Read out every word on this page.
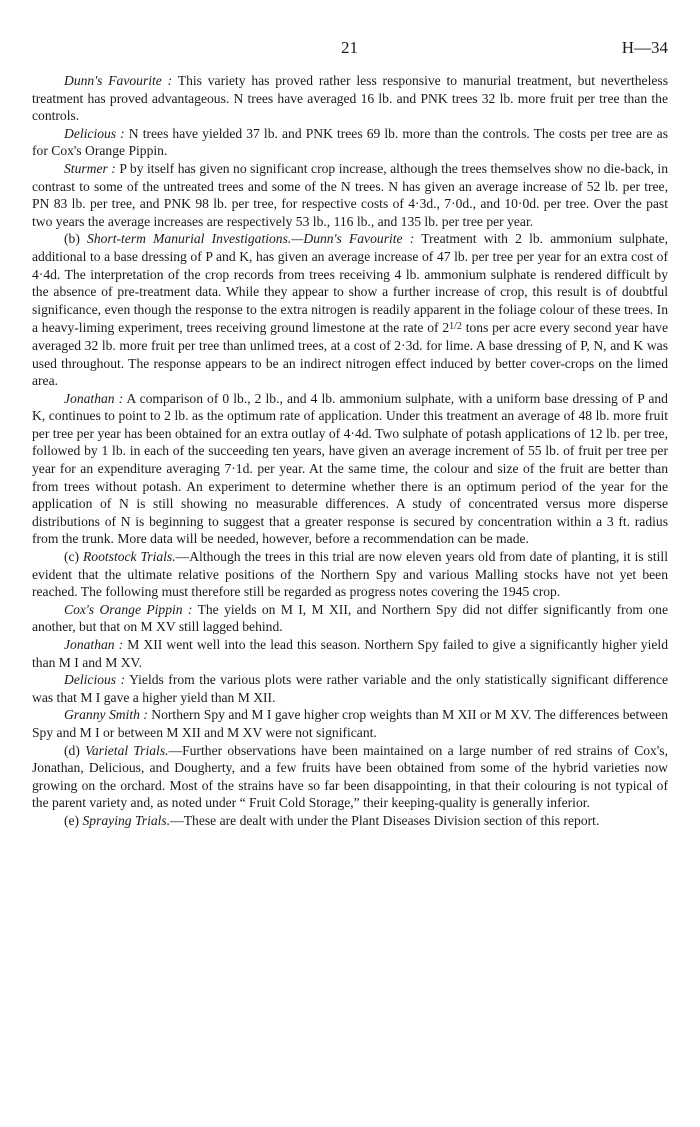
21	H—34

Dunn's Favourite : This variety has proved rather less responsive to manurial treatment, but nevertheless treatment has proved advantageous. N trees have averaged 16 lb. and PNK trees 32 lb. more fruit per tree than the controls.

Delicious : N trees have yielded 37 lb. and PNK trees 69 lb. more than the controls. The costs per tree are as for Cox's Orange Pippin.

Sturmer : P by itself has given no significant crop increase, although the trees themselves show no die-back, in contrast to some of the untreated trees and some of the N trees. N has given an average increase of 52 lb. per tree, PN 83 lb. per tree, and PNK 98 lb. per tree, for respective costs of 4·3d., 7·0d., and 10·0d. per tree. Over the past two years the average increases are respectively 53 lb., 116 lb., and 135 lb. per tree per year.

(b) Short-term Manurial Investigations.—Dunn's Favourite : Treatment with 2 lb. ammonium sulphate, additional to a base dressing of P and K, has given an average increase of 47 lb. per tree per year for an extra cost of 4·4d. The interpretation of the crop records from trees receiving 4 lb. ammonium sulphate is rendered difficult by the absence of pre-treatment data. While they appear to show a further increase of crop, this result is of doubtful significance, even though the response to the extra nitrogen is readily apparent in the foliage colour of these trees. In a heavy-liming experiment, trees receiving ground limestone at the rate of $2^{1/2}$ tons per acre every second year have averaged 32 lb. more fruit per tree than unlimed trees, at a cost of 2·3d. for lime. A base dressing of P, N, and K was used throughout. The response appears to be an indirect nitrogen effect induced by better cover-crops on the limed area.

Jonathan : A comparison of 0 lb., 2 lb., and 4 lb. ammonium sulphate, with a uniform base dressing of P and K, continues to point to 2 lb. as the optimum rate of application. Under this treatment an average of 48 lb. more fruit per tree per year has been obtained for an extra outlay of 4·4d. Two sulphate of potash applications of 12 lb. per tree, followed by 1 lb. in each of the succeeding ten years, have given an average increment of 55 lb. of fruit per tree per year for an expenditure averaging 7·1d. per year. At the same time, the colour and size of the fruit are better than from trees without potash. An experiment to determine whether there is an optimum period of the year for the application of N is still showing no measurable differences. A study of concentrated versus more disperse distributions of N is beginning to suggest that a greater response is secured by concentration within a 3 ft. radius from the trunk. More data will be needed, however, before a recommendation can be made.

(c) Rootstock Trials.—Although the trees in this trial are now eleven years old from date of planting, it is still evident that the ultimate relative positions of the Northern Spy and various Malling stocks have not yet been reached. The following must therefore still be regarded as progress notes covering the 1945 crop.

Cox's Orange Pippin : The yields on M I, M XII, and Northern Spy did not differ significantly from one another, but that on M XV still lagged behind.

Jonathan : M XII went well into the lead this season. Northern Spy failed to give a significantly higher yield than M I and M XV.

Delicious : Yields from the various plots were rather variable and the only statistically significant difference was that M I gave a higher yield than M XII.

Granny Smith : Northern Spy and M I gave higher crop weights than M XII or M XV. The differences between Spy and M I or between M XII and M XV were not significant.

(d) Varietal Trials.—Further observations have been maintained on a large number of red strains of Cox's, Jonathan, Delicious, and Dougherty, and a few fruits have been obtained from some of the hybrid varieties now growing on the orchard. Most of the strains have so far been disappointing, in that their colouring is not typical of the parent variety and, as noted under “ Fruit Cold Storage,” their keeping-quality is generally inferior.

(e) Spraying Trials.—These are dealt with under the Plant Diseases Division section of this report.
